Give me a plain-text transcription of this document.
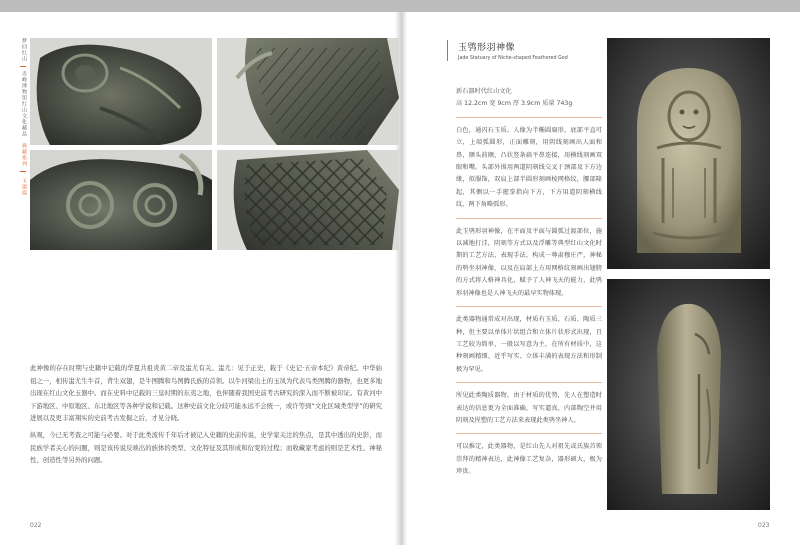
梦回红山
赤峰博物馆红山文化藏品
典藏系列
玉器篇

此神像的存在时期与史籍中记载的华夏共祖炎黄二帝及蚩尤有关。蚩尤：见于正史，载于《史记·五帝本纪》黄帝纪。中华始祖之一，相传蚩尤生牛首，背生双翅，是牛图腾和鸟图腾氏族的首领。以牛河梁出土的玉凤为代表鸟类图腾的器物，也更多地出现在红山文化玉器中。而在史料中记载的三皇时期的东夷之地，也伴随着我国史前考古研究的深入而不断被印证。有黄河中下游地区、中原地区、东北地区等各种学说和记载。这种史前文化分歧可能永远不会统一，或许等到“文化区域类型学”的研究进展以及更丰富翔实的史前考古发掘之后，才见分晓。

纵观，今已无考查之可能与必要。对于此类流传千年后才被记入史籍的史前传说，史学家关注的焦点，是其中透出的史影，而民族学者关心的问题，则是该传说反映出的族体的类型、文化特征及其形成和衍变的过程；而收藏家考虑的则是艺术性、神秘性、创造性等另外的问题。

022
玉鸮形羽神像
Jade Statuary of Niche-shaped Feathered God

新石器时代红山文化

高 12.2cm 宽 9cm 厚 3.9cm 质量 743g

白色，通闪石玉质。人像为半椭圆扁形，底部平直可立，上端弧圆形，正面雕刻，用阴线刻画出人面和鼻，额头前额，凸状竖条扁平鼻连接，用横线刻画双眼和嘴。头部外围用两道阴刻线交叉于颈部及下方边缘，似服饰，双肩上部半圆形刻画棱网格纹，腰部隆起，其侧以一手握拳指向下方，下方用道阴刻横线纹，两下角略弧形。

此玉鸮形羽神像，在平面及平面与圆弧过渡部位，施以减地打洼，阴刻等方式以及浮雕等典型红山文化时期的工艺方法，表现手法，构成一尊肃穆庄严，神秘的鸮坐羽神像，以及在肩部上方用网格纹刻画出翅膀的方式将人格神具化，赋予了人神飞天的能力，此鸮形羽神像也是人神飞天的最早实物体现。

此类器物通常成对出现，材质有玉质、石质、陶质三种，但主要以单体片状组合和立体片状形式出现，且工艺较为简单，一般以写意为主，在所有材质中，这种刻画精细、近乎写实、立体丰满的表现方法和形制极为罕见。

所见此类陶质器物，由于材质的优势，先人在塑造时表达的信息更为全面准确，写实逼真，内部陶空并用阴刻及捏塑的工艺方法来表现此类鸮坐神人。

可以推定，此类器物，是红山先人对祖先或氏族首领崇拜的精神表达，此神像工艺复杂，器形硕大，极为珍贵。

023
